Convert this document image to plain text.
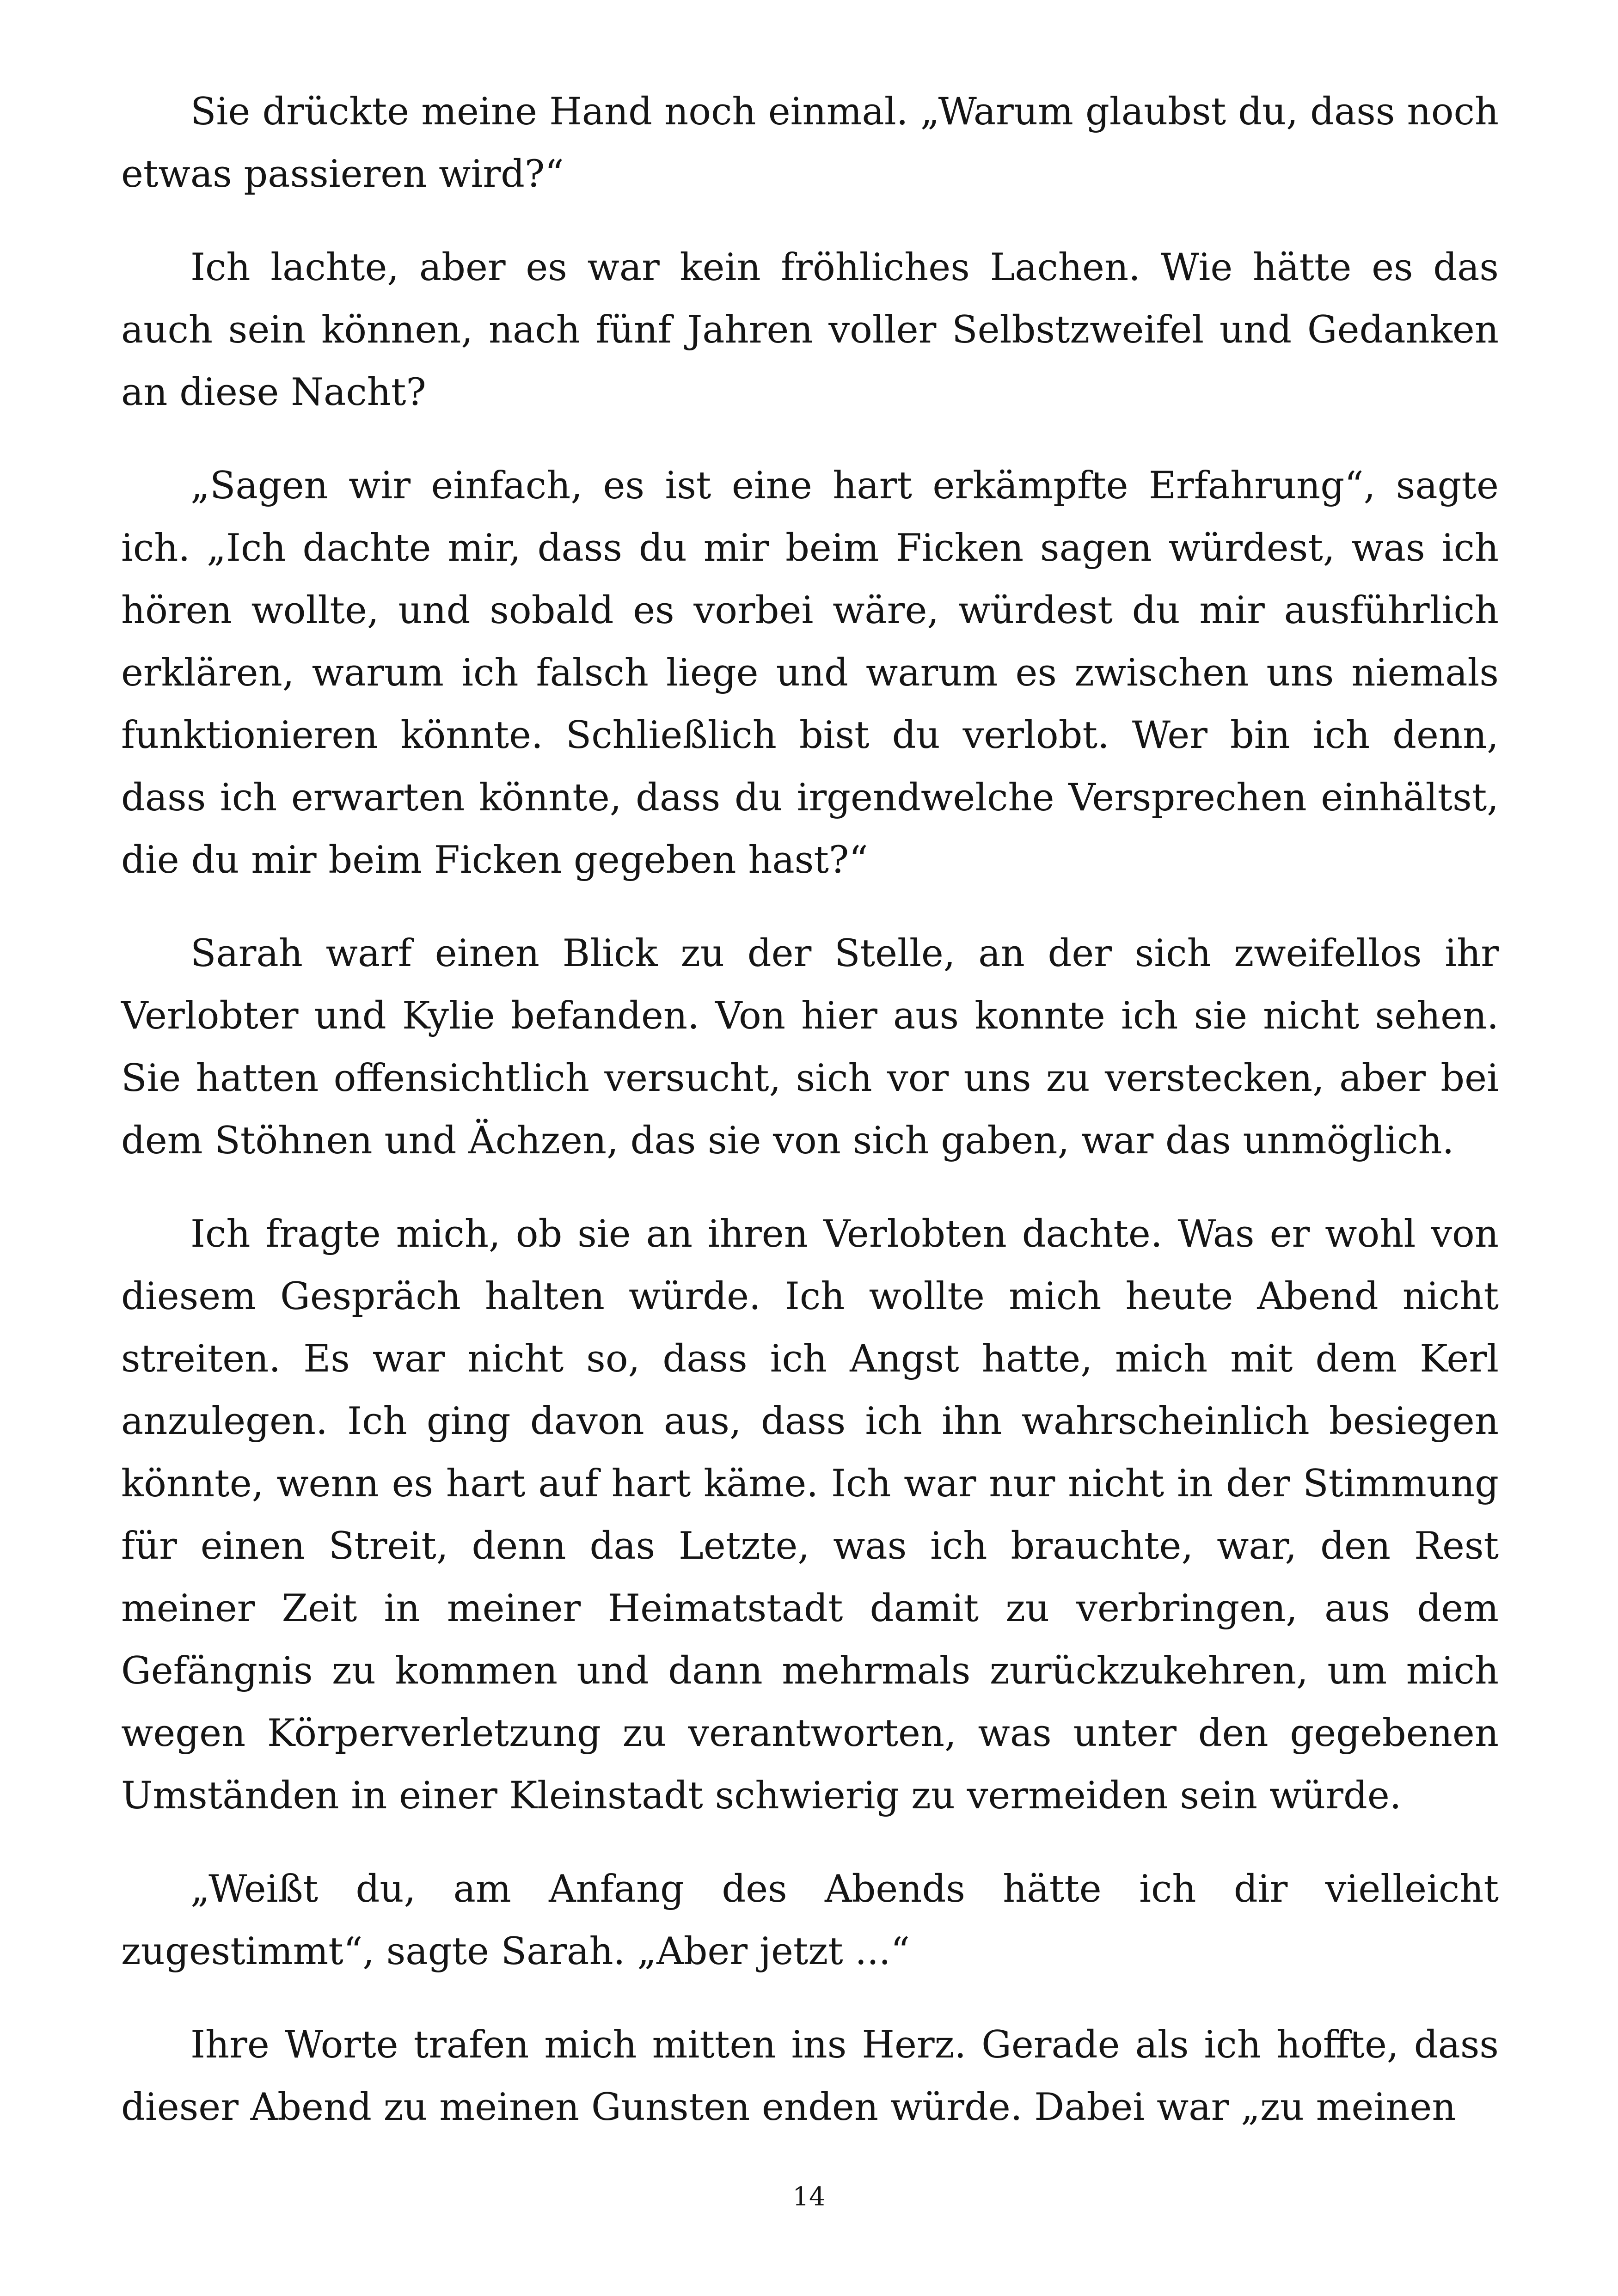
Sie drückte meine Hand noch einmal. „Warum glaubst du, dass noch etwas passieren wird?“

Ich lachte, aber es war kein fröhliches Lachen. Wie hätte es das auch sein können, nach fünf Jahren voller Selbstzweifel und Gedanken an diese Nacht?

„Sagen wir einfach, es ist eine hart erkämpfte Erfahrung“, sagte ich. „Ich dachte mir, dass du mir beim Ficken sagen würdest, was ich hören wollte, und sobald es vorbei wäre, würdest du mir ausführlich erklären, warum ich falsch liege und warum es zwischen uns niemals funktionieren könnte. Schließlich bist du verlobt. Wer bin ich denn, dass ich erwarten könnte, dass du irgendwelche Versprechen einhältst, die du mir beim Ficken gegeben hast?“

Sarah warf einen Blick zu der Stelle, an der sich zweifellos ihr Verlobter und Kylie befanden. Von hier aus konnte ich sie nicht sehen. Sie hatten offensichtlich versucht, sich vor uns zu verstecken, aber bei dem Stöhnen und Ächzen, das sie von sich gaben, war das unmöglich.

Ich fragte mich, ob sie an ihren Verlobten dachte. Was er wohl von diesem Gespräch halten würde. Ich wollte mich heute Abend nicht streiten. Es war nicht so, dass ich Angst hatte, mich mit dem Kerl anzulegen. Ich ging davon aus, dass ich ihn wahrscheinlich besiegen könnte, wenn es hart auf hart käme. Ich war nur nicht in der Stimmung für einen Streit, denn das Letzte, was ich brauchte, war, den Rest meiner Zeit in meiner Heimatstadt damit zu verbringen, aus dem Gefängnis zu kommen und dann mehrmals zurückzukehren, um mich wegen Körperverletzung zu verantworten, was unter den gegebenen Umständen in einer Kleinstadt schwierig zu vermeiden sein würde.

„Weißt du, am Anfang des Abends hätte ich dir vielleicht zugestimmt“, sagte Sarah. „Aber jetzt ...“

Ihre Worte trafen mich mitten ins Herz. Gerade als ich hoffte, dass dieser Abend zu meinen Gunsten enden würde. Dabei war „zu meinen

14
